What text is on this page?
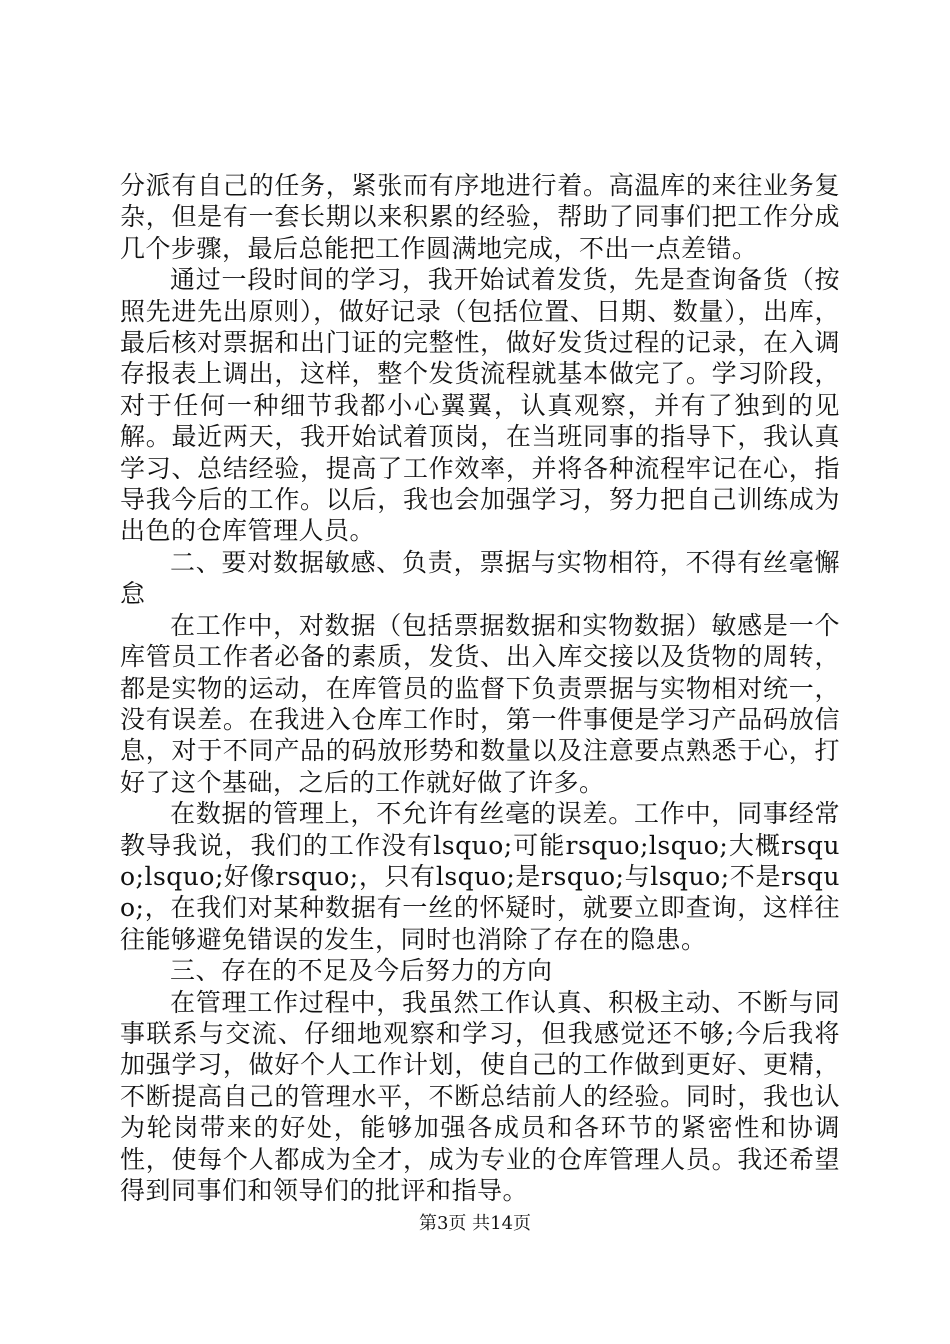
分派有自己的任务，紧张而有序地进行着。高温库的来往业务复杂，但是有一套长期以来积累的经验，帮助了同事们把工作分成几个步骤，最后总能把工作圆满地完成，不出一点差错。

通过一段时间的学习，我开始试着发货，先是查询备货（按照先进先出原则），做好记录（包括位置、日期、数量），出库，最后核对票据和出门证的完整性，做好发货过程的记录，在入调存报表上调出，这样，整个发货流程就基本做完了。学习阶段，对于任何一种细节我都小心翼翼，认真观察，并有了独到的见解。最近两天，我开始试着顶岗，在当班同事的指导下，我认真学习、总结经验，提高了工作效率，并将各种流程牢记在心，指导我今后的工作。以后，我也会加强学习，努力把自己训练成为出色的仓库管理人员。

二、要对数据敏感、负责，票据与实物相符，不得有丝毫懈怠

在工作中，对数据（包括票据数据和实物数据）敏感是一个库管员工作者必备的素质，发货、出入库交接以及货物的周转，都是实物的运动，在库管员的监督下负责票据与实物相对统一，没有误差。在我进入仓库工作时，第一件事便是学习产品码放信息，对于不同产品的码放形势和数量以及注意要点熟悉于心，打好了这个基础，之后的工作就好做了许多。

在数据的管理上，不允许有丝毫的误差。工作中，同事经常教导我说，我们的工作没有lsquo;可能rsquo;lsquo;大概rsquo;lsquo;好像rsquo;，只有lsquo;是rsquo;与lsquo;不是rsquo;，在我们对某种数据有一丝的怀疑时，就要立即查询，这样往往能够避免错误的发生，同时也消除了存在的隐患。

三、存在的不足及今后努力的方向

在管理工作过程中，我虽然工作认真、积极主动、不断与同事联系与交流、仔细地观察和学习，但我感觉还不够;今后我将加强学习，做好个人工作计划，使自己的工作做到更好、更精，不断提高自己的管理水平，不断总结前人的经验。同时，我也认为轮岗带来的好处，能够加强各成员和各环节的紧密性和协调性，使每个人都成为全才，成为专业的仓库管理人员。我还希望得到同事们和领导们的批评和指导。

第3页 共14页
